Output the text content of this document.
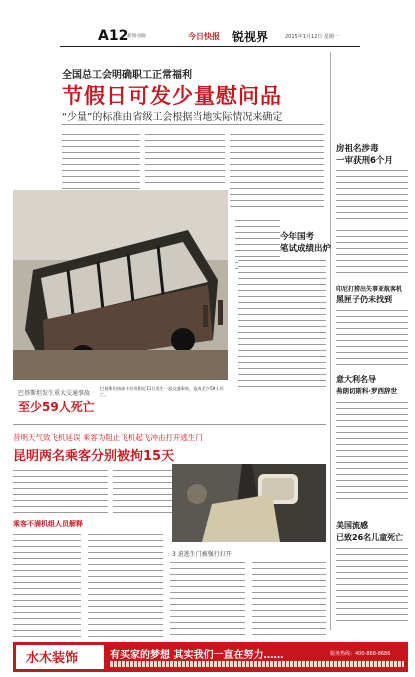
A12
新闻·国际	今日快报 锐视界	2015年1月12日 星期一
全国总工会明确职工正常福利
节假日可发少量慰问品
“少量”的标准由省级工会根据当地实际情况来确定
巴基斯坦发生重大交通事故
至少59人死亡
巴基斯坦南部卡拉奇附近11日发生一起交通事故，造成至少59人死亡。
房祖名涉毒
一审获刑6个月
今年国考
笔试成绩出炉
印尼打捞出失事亚航客机
黑匣子仍未找到
意大利名导
弗朗切斯科·罗西辞世
美国流感
已致26名儿童死亡
昔明天气致飞机延误 乘客为阻止飞机起飞冲击打开逃生门
昆明两名乘客分别被拘15天
乘客不满机组人员解释
3 迫逃生门被强行打开
水木装饰	有买家的梦想 其实我们一直在努力……	服务热线：400-868-8686
